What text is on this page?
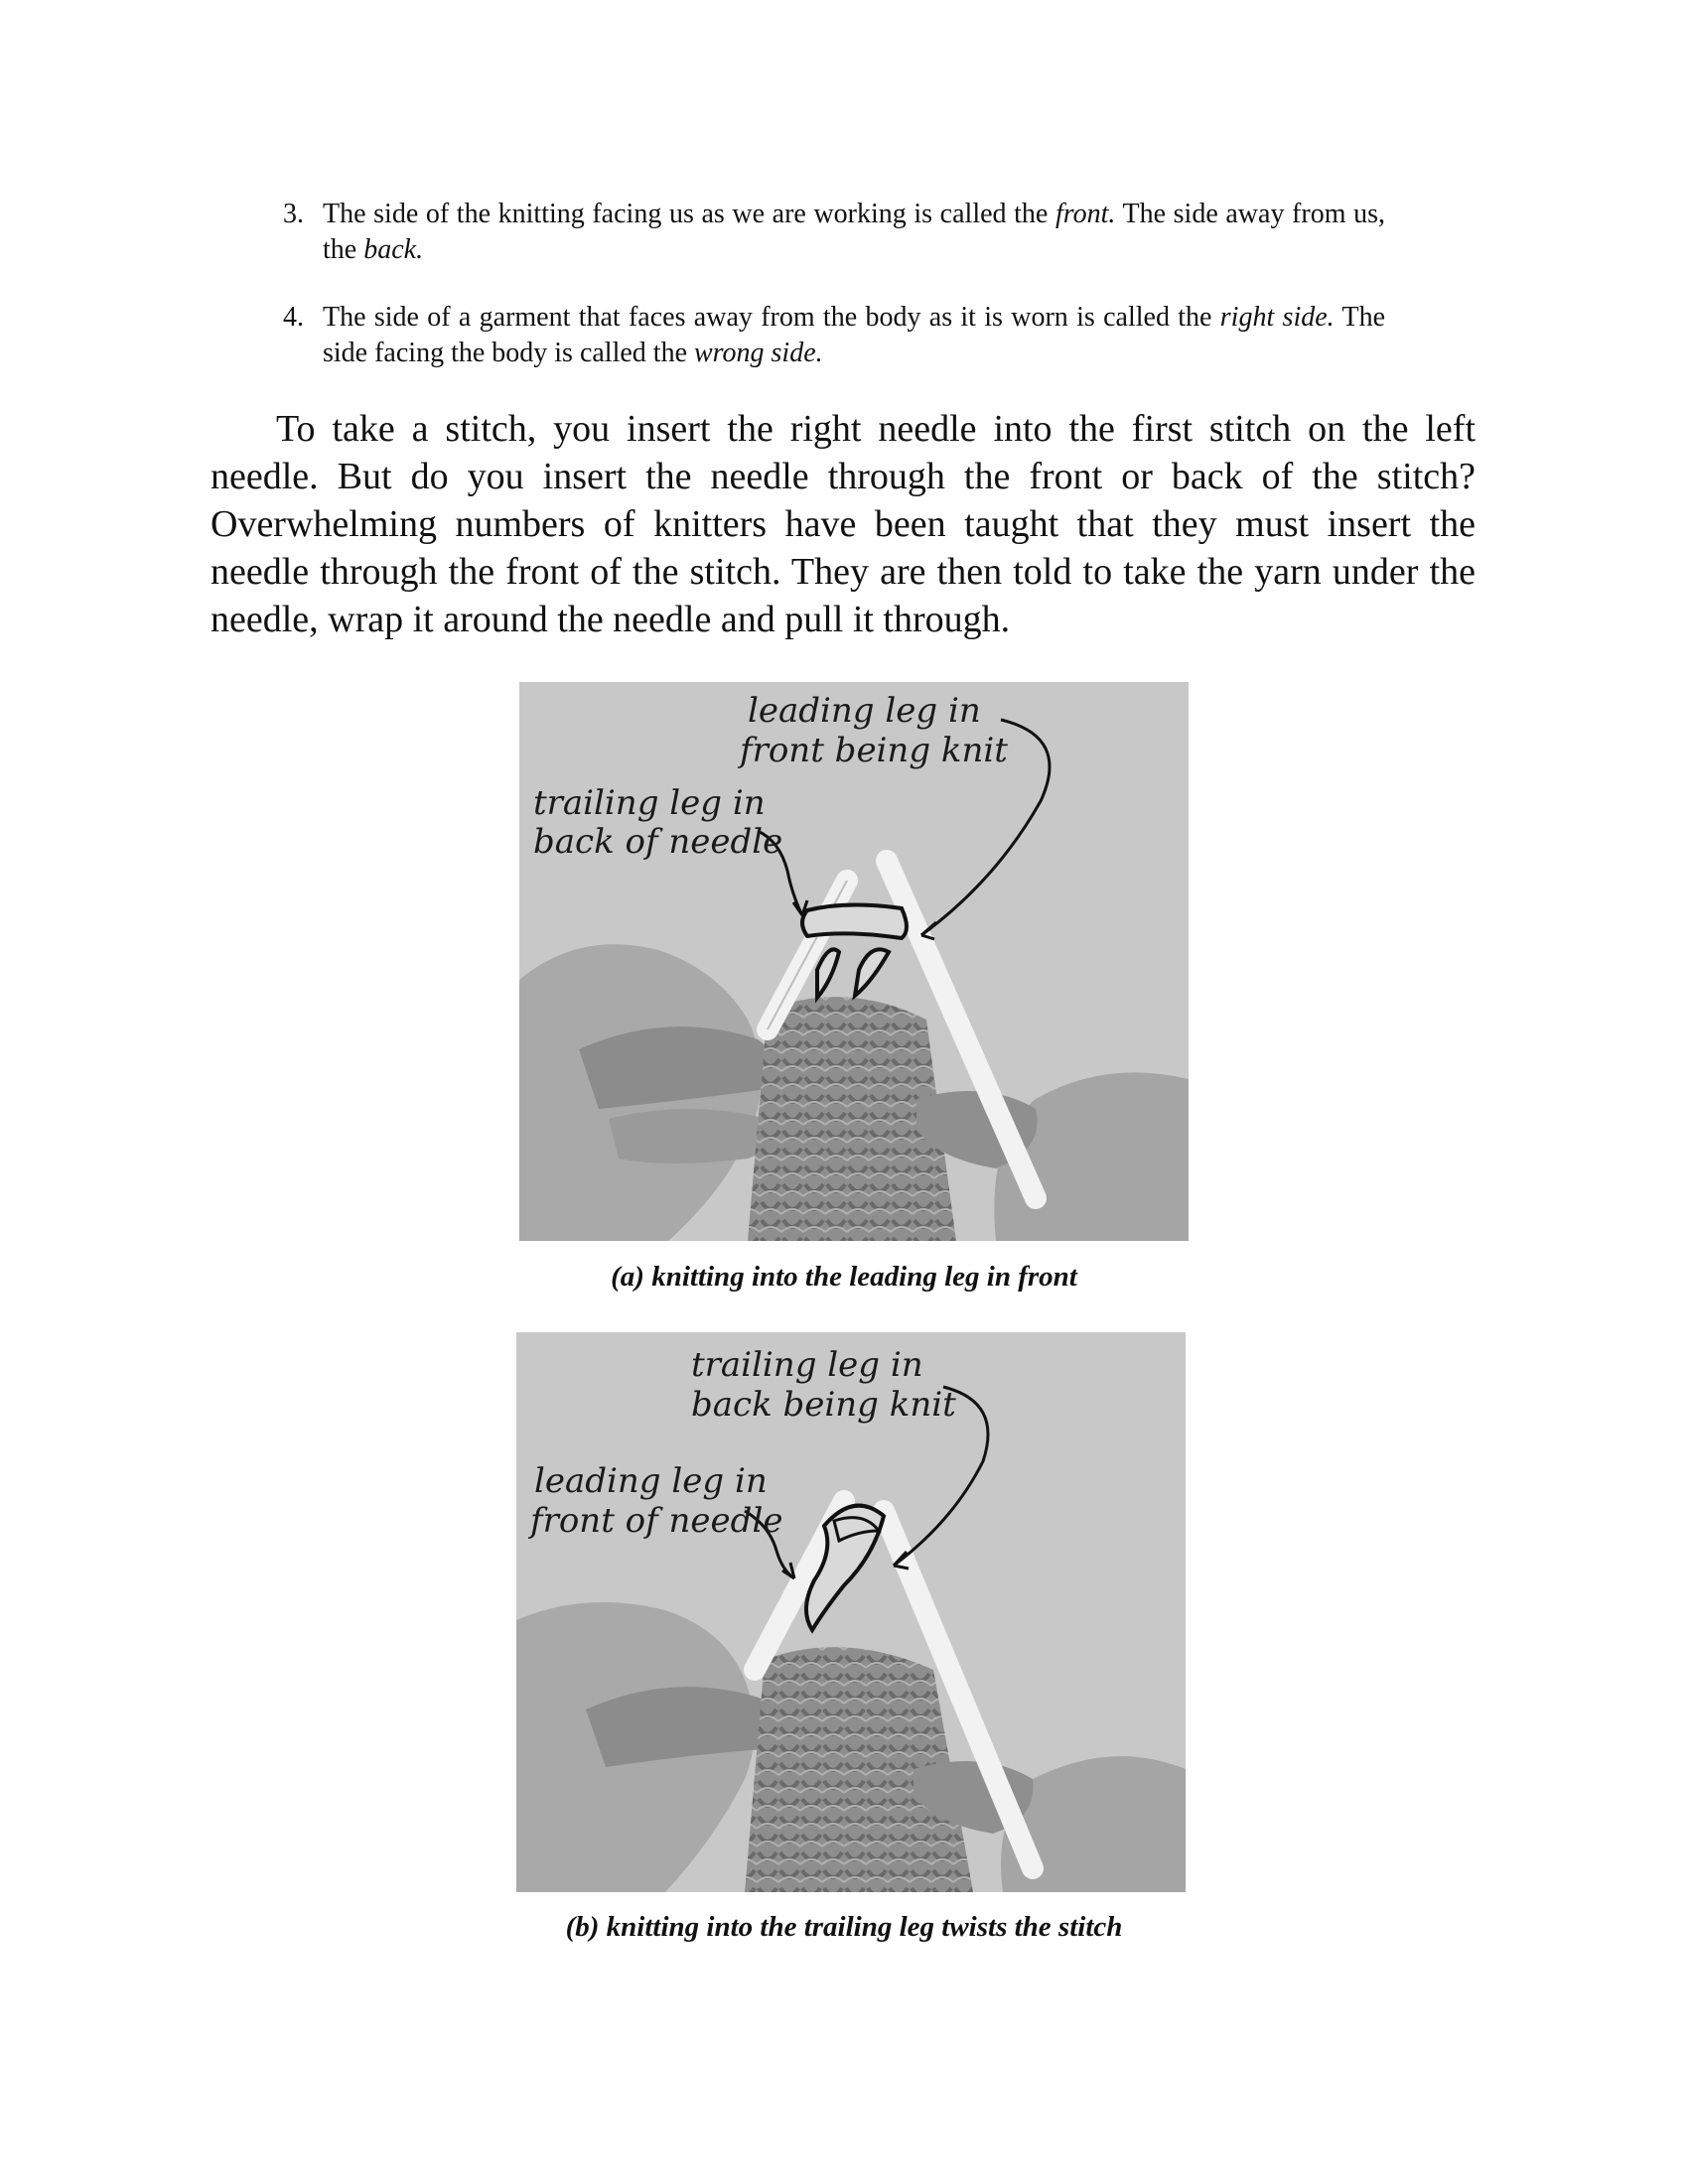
3. The side of the knitting facing us as we are working is called the front. The side away from us, the back.
4. The side of a garment that faces away from the body as it is worn is called the right side. The side facing the body is called the wrong side.

To take a stitch, you insert the right needle into the first stitch on the left needle. But do you insert the needle through the front or back of the stitch? Overwhelming numbers of knitters have been taught that they must insert the needle through the front of the stitch. They are then told to take the yarn under the needle, wrap it around the needle and pull it through.

leading leg in
front being knit
trailing leg in
back of needle
(a) knitting into the leading leg in front
trailing leg in
back being knit
leading leg in
front of needle
(b) knitting into the trailing leg twists the stitch
